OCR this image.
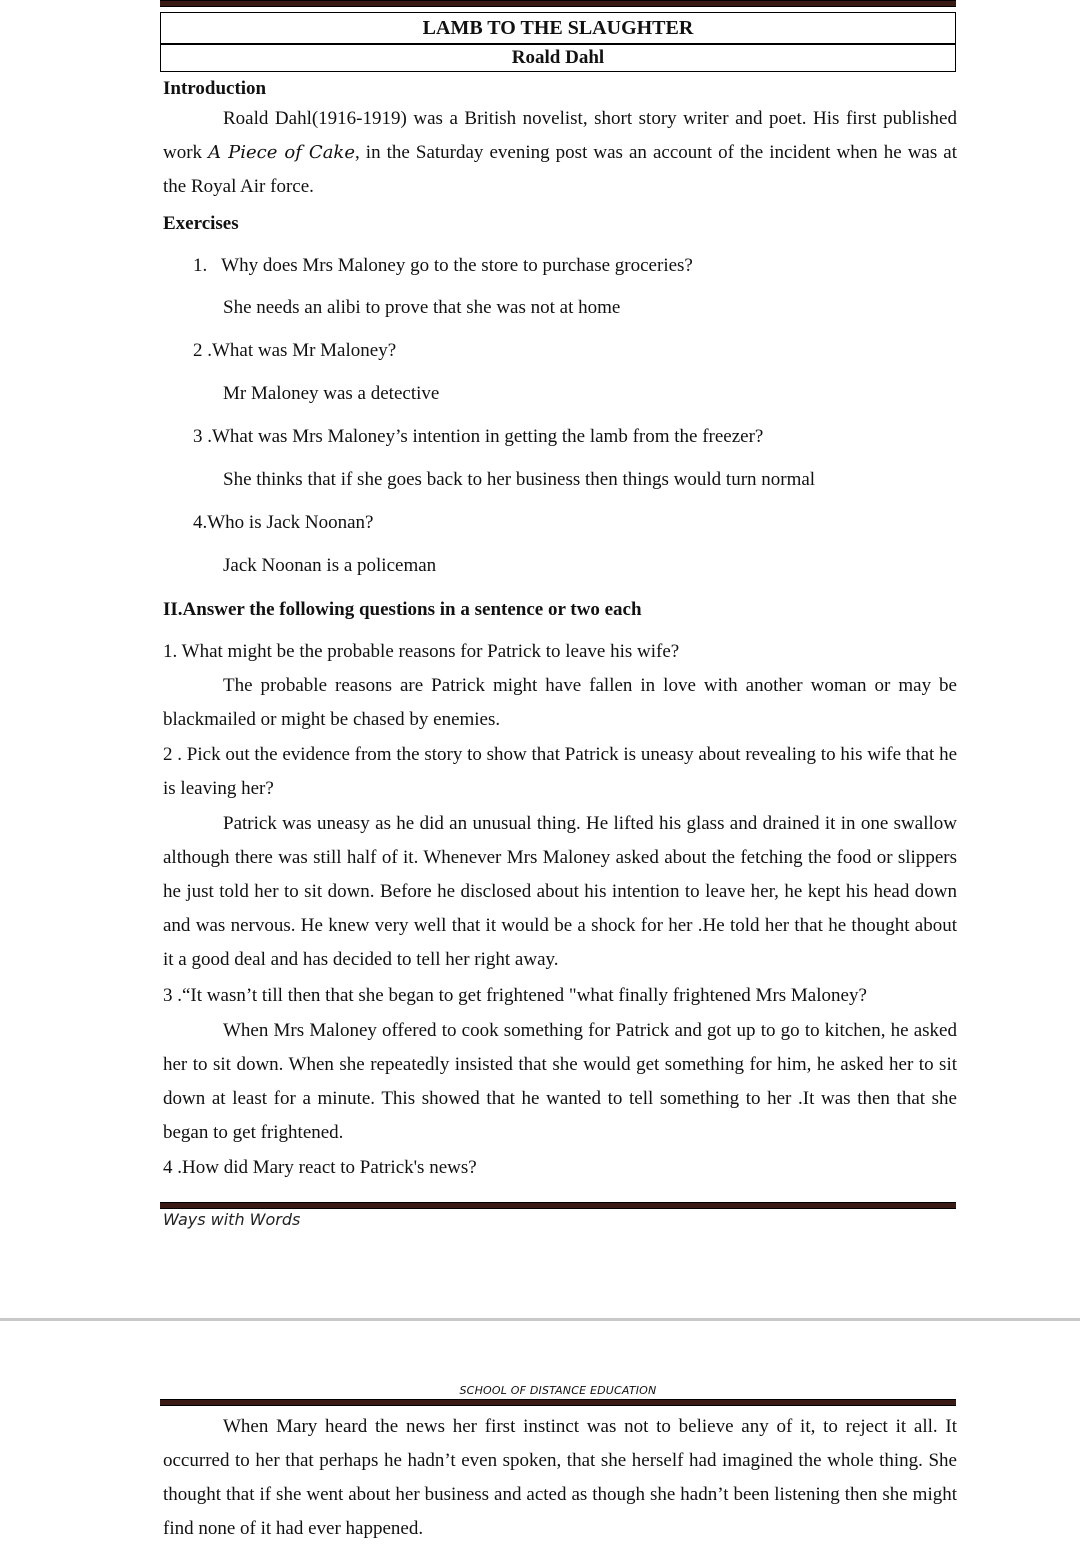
LAMB TO THE SLAUGHTER
Roald Dahl

Introduction

Roald Dahl(1916-1919) was a British novelist, short story writer and poet. His first published work A Piece of Cake, in the Saturday evening post was an account of the incident when he was at the Royal Air force.

Exercises

1.   Why does Mrs Maloney go to the store to purchase groceries?

She needs an alibi to prove that she was not at home

2 .What was Mr Maloney?

Mr Maloney was a detective

3 .What was Mrs Maloney’s intention in getting the lamb from the freezer?

She thinks that if she goes back to her business then things would turn normal

4.Who is Jack Noonan?

Jack Noonan is a policeman

II.Answer the following questions in a sentence or two each

1. What might be the probable reasons for Patrick to leave his wife?

The probable reasons are Patrick might have fallen in love with another woman or may be blackmailed or might be chased by enemies.

2 . Pick out the evidence from the story to show that Patrick is uneasy about revealing to his wife that he is leaving her?

Patrick was uneasy as he did an unusual thing. He lifted his glass and drained it in one swallow although there was still half of it. Whenever Mrs Maloney asked about the fetching the food or slippers he just told her to sit down. Before he disclosed about his intention to leave her, he kept his head down and was nervous. He knew very well that it would be a shock for her .He told her that he thought about it a good deal and has decided to tell her right away.

3 .“It wasn’t till then that she began to get frightened "what finally frightened Mrs Maloney?

When Mrs Maloney offered to cook something for Patrick and got up to go to kitchen, he asked her to sit down. When she repeatedly insisted that she would get something for him, he asked her to sit down at least for a minute. This showed that he wanted to tell something to her .It was then that she began to get frightened.

4 .How did Mary react to Patrick's news?

Ways with Words
SCHOOL OF DISTANCE EDUCATION

When Mary heard the news her first instinct was not to believe any of it, to reject it all. It occurred to her that perhaps he hadn’t even spoken, that she herself had imagined the whole thing. She thought that if she went about her business and acted as though she hadn’t been listening then she might find none of it had ever happened.
